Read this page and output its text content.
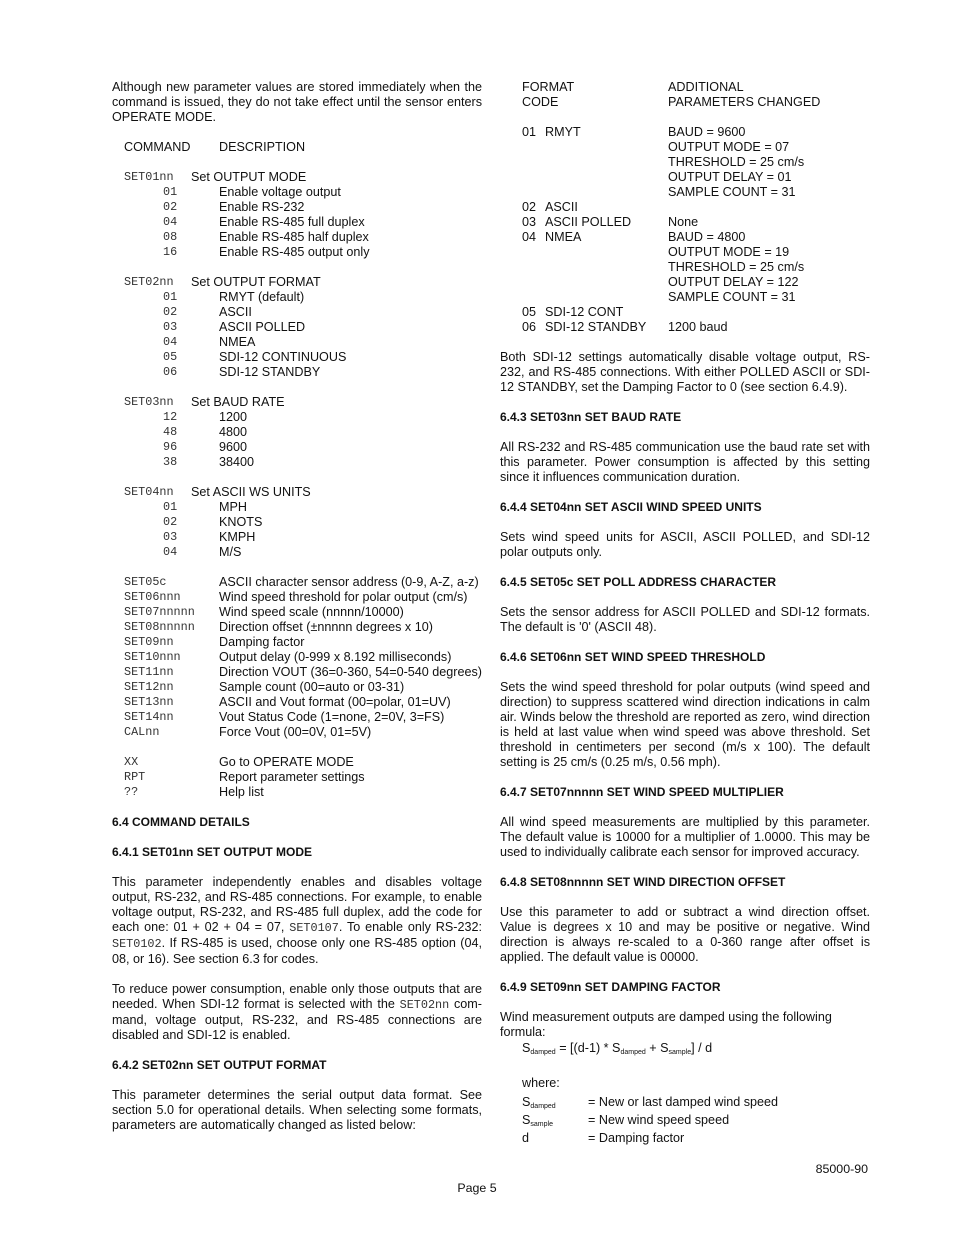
Although new parameter values are stored immediately when the command is issued, they do not take effect until the sensor enters OPERATE MODE.

COMMAND DESCRIPTION
SET01nn Set OUTPUT MODE
01	Enable voltage output
02	Enable RS-232
04	Enable RS-485 full duplex
08	Enable RS-485 half duplex
16	Enable RS-485 output only
SET02nn Set OUTPUT FORMAT
01	RMYT (default)
02	ASCII
03	ASCII POLLED
04	NMEA
05	SDI-12 CONTINUOUS
06	SDI-12 STANDBY
SET03nn Set BAUD RATE
12	1200
48	4800
96	9600
38	38400
SET04nn Set ASCII WS UNITS
01	MPH
02	KNOTS
03	KMPH
04	M/S
SET05c	ASCII character sensor address (0-9, A-Z, a-z)
SET06nnn	Wind speed threshold for polar output (cm/s)
SET07nnnnn Wind speed scale (nnnnn/10000)
SET08nnnnn Direction offset (±nnnnn degrees x 10)
SET09nn	Damping factor
SET10nnn	Output delay (0-999 x 8.192 milliseconds)
SET11nn	Direction VOUT (36=0-360, 54=0-540 degrees)
SET12nn	Sample count (00=auto or 03-31)
SET13nn	ASCII and Vout format (00=polar, 01=UV)
SET14nn	Vout Status Code (1=none, 2=0V, 3=FS)
CALnn	Force Vout (00=0V, 01=5V)
XX	Go to OPERATE MODE
RPT	Report parameter settings
??	Help list

6.4 COMMAND DETAILS

6.4.1 SET01nn SET OUTPUT MODE

This parameter independently enables and disables voltage output, RS-232, and RS-485 connections. For example, to enable voltage output, RS-232, and RS-485 full duplex, add the code for each one: 01 + 02 + 04 = 07, SET0107. To enable only RS-232: SET0102. If RS-485 is used, choose only one RS-485 option (04, 08, or 16). See section 6.3 for codes.

To reduce power consumption, enable only those outputs that are needed. When SDI-12 format is selected with the SET02nn com-mand, voltage output, RS-232, and RS-485 connections are disabled and SDI-12 is enabled.

6.4.2 SET02nn SET OUTPUT FORMAT

This parameter determines the serial output data format. See section 5.0 for operational details. When selecting some formats, parameters are automatically changed as listed below:

FORMAT	ADDITIONAL
CODE	PARAMETERS CHANGED
01 RMYT	BAUD = 9600
OUTPUT MODE = 07
THRESHOLD = 25 cm/s
OUTPUT DELAY = 01
SAMPLE COUNT = 31
02 ASCII
03 ASCII POLLED	None
04 NMEA	BAUD = 4800
OUTPUT MODE = 19
THRESHOLD = 25 cm/s
OUTPUT DELAY = 122
SAMPLE COUNT = 31
05 SDI-12 CONT
06 SDI-12 STANDBY 1200 baud

Both SDI-12 settings automatically disable voltage output, RS-232, and RS-485 connections. With either POLLED ASCII or SDI-12 STANDBY, set the Damping Factor to 0 (see section 6.4.9).

6.4.3 SET03nn SET BAUD RATE

All RS-232 and RS-485 communication use the baud rate set with this parameter. Power consumption is affected by this setting since it influences communication duration.

6.4.4 SET04nn SET ASCII WIND SPEED UNITS

Sets wind speed units for ASCII, ASCII POLLED, and SDI-12 polar outputs only.

6.4.5 SET05c SET POLL ADDRESS CHARACTER

Sets the sensor address for ASCII POLLED and SDI-12 formats. The default is '0' (ASCII 48).

6.4.6 SET06nn SET WIND SPEED THRESHOLD

Sets the wind speed threshold for polar outputs (wind speed and direction) to suppress scattered wind direction indications in calm air. Winds below the threshold are reported as zero, wind direction is held at last value when wind speed was above threshold. Set threshold in centimeters per second (m/s x 100). The default setting is 25 cm/s (0.25 m/s, 0.56 mph).

6.4.7 SET07nnnnn SET WIND SPEED MULTIPLIER

All wind speed measurements are multiplied by this parameter. The default value is 10000 for a multiplier of 1.0000. This may be used to individually calibrate each sensor for improved accuracy.

6.4.8 SET08nnnnn SET WIND DIRECTION OFFSET

Use this parameter to add or subtract a wind direction offset. Value is degrees x 10 and may be positive or negative. Wind direction is always re-scaled to a 0-360 range after offset is applied. The default value is 00000.

6.4.9 SET09nn SET DAMPING FACTOR

Wind measurement outputs are damped using the following formula:

$S_{damped} = [(d-1) * S_{damped} + S_{sample}] / d$

where:

$S_{damped}$	= New or last damped wind speed
$S_{sample}$	= New wind speed speed
d	= Damping factor
85000-90
Page 5
